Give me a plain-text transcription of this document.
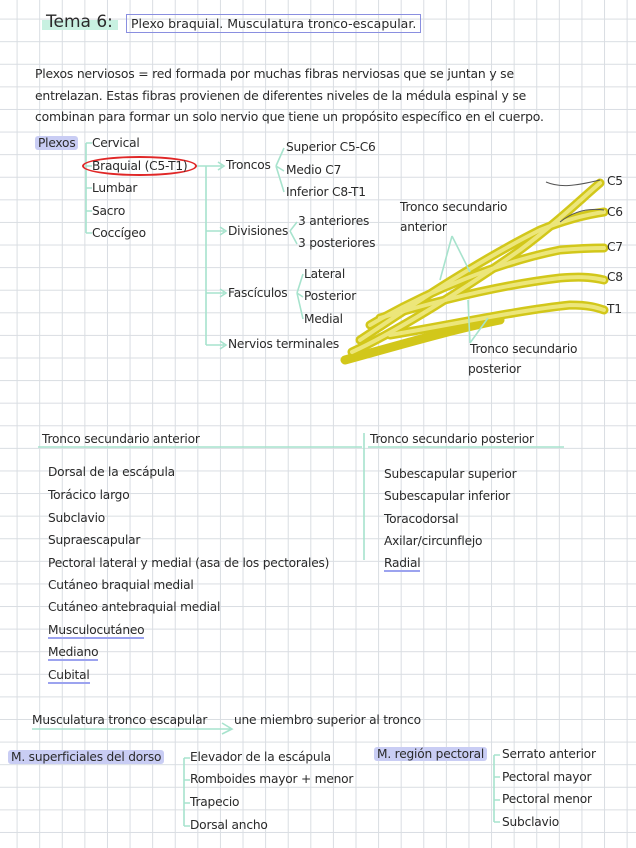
Tema 6:	Plexo braquial. Musculatura tronco-escapular.
Plexos nerviosos = red formada por muchas fibras nerviosas que se juntan y se
entrelazan. Estas fibras provienen de diferentes niveles de la médula espinal y se
combinan para formar un solo nervio que tiene un propósito específico en el cuerpo.
Plexos Cervical
Braquial (C5-T1)
Lumbar
Sacro
Coccígeo
Troncos
Superior C5-C6
Medio C7
Inferior C8-T1
Divisiones
3 anteriores
3 posteriores
Fascículos
Lateral
Posterior
Medial
Nervios terminales
Tronco secundario
anterior
Tronco secundario
posterior
C5
C6
C7
C8
T1
Tronco secundario anterior	Tronco secundario posterior
Dorsal de la escápula
Torácico largo
Subclavio
Supraescapular
Pectoral lateral y medial (asa de los pectorales)
Cutáneo braquial medial
Cutáneo antebraquial medial
Musculocutáneo
Mediano
Cubital
Subescapular superior
Subescapular inferior
Toracodorsal
Axilar/circunflejo
Radial
Musculatura tronco escapular une miembro superior al tronco
M. superficiales del dorso Elevador de la escápula
Romboides mayor + menor
Trapecio
Dorsal ancho
M. región pectoral Serrato anterior
Pectoral mayor
Pectoral menor
Subclavio
